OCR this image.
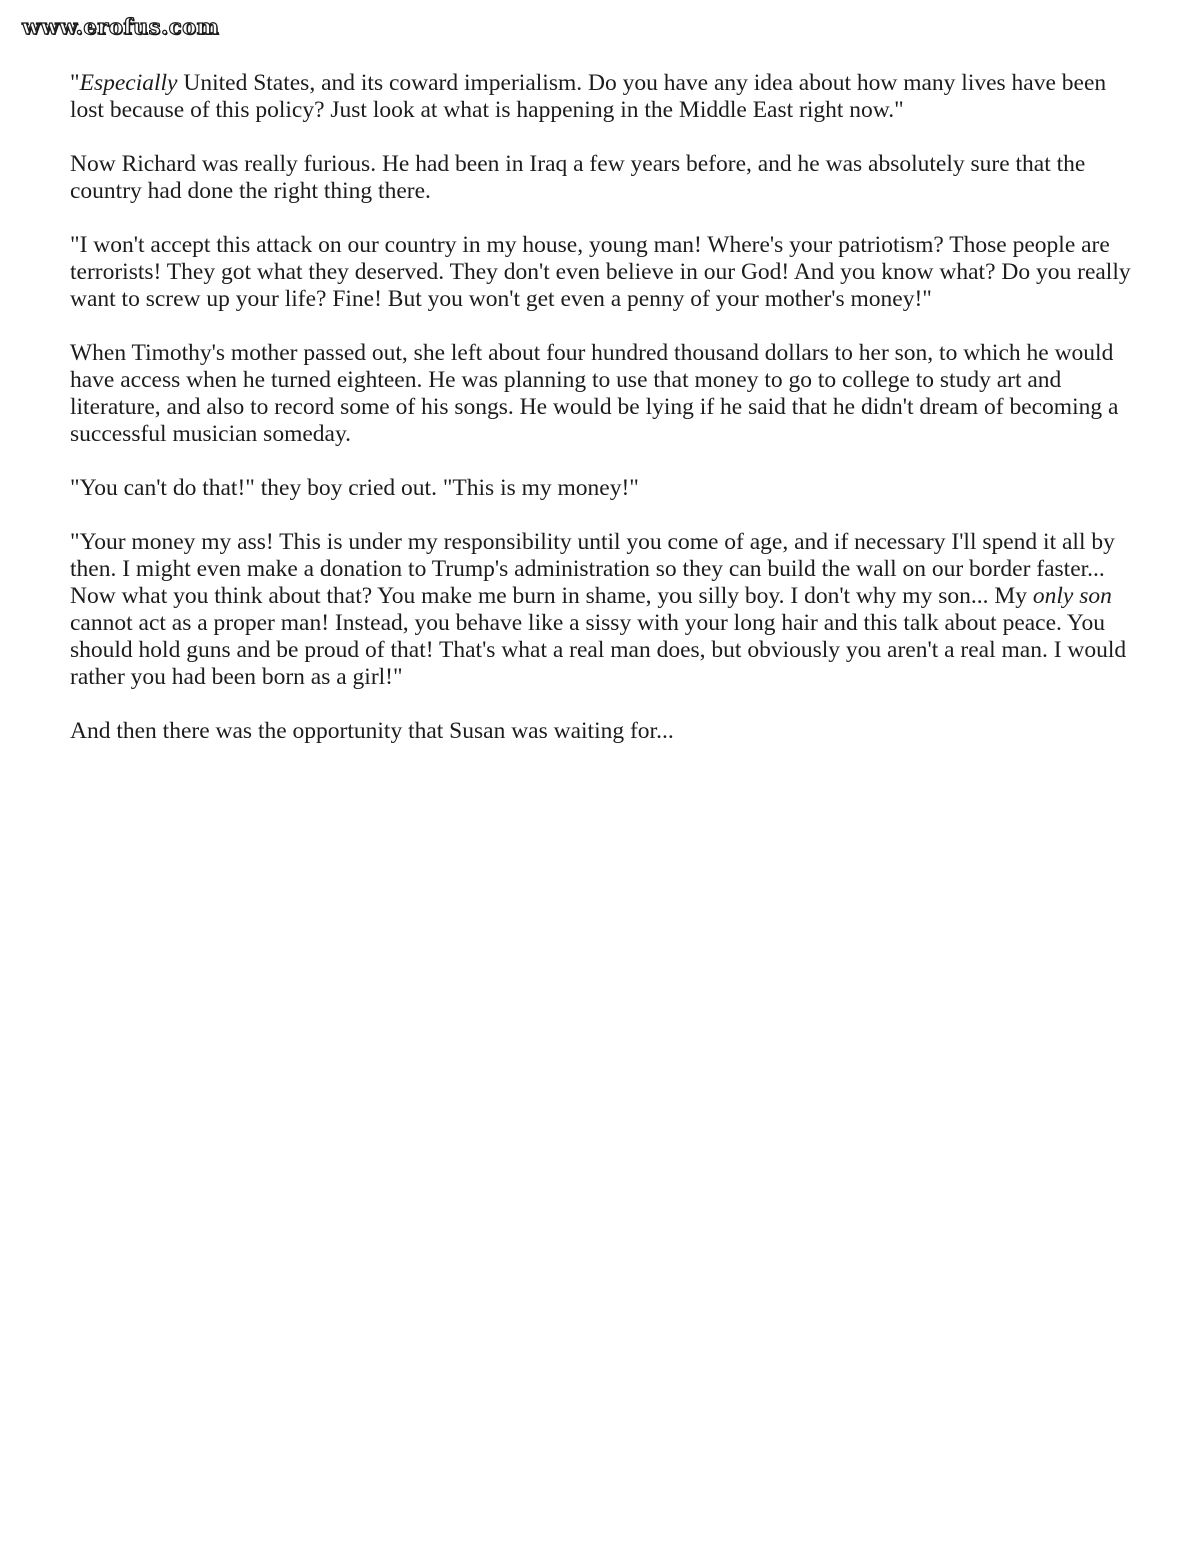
www.erofus.com

"Especially United States, and its coward imperialism. Do you have any idea about how many lives have been lost because of this policy? Just look at what is happening in the Middle East right now."

Now Richard was really furious. He had been in Iraq a few years before, and he was absolutely sure that the country had done the right thing there.

"I won't accept this attack on our country in my house, young man! Where's your patriotism? Those people are terrorists! They got what they deserved. They don't even believe in our God! And you know what? Do you really want to screw up your life? Fine! But you won't get even a penny of your mother's money!"

When Timothy's mother passed out, she left about four hundred thousand dollars to her son, to which he would have access when he turned eighteen. He was planning to use that money to go to college to study art and literature, and also to record some of his songs. He would be lying if he said that he didn't dream of becoming a successful musician someday.

"You can't do that!" they boy cried out. "This is my money!"

"Your money my ass! This is under my responsibility until you come of age, and if necessary I'll spend it all by then. I might even make a donation to Trump's administration so they can build the wall on our border faster... Now what you think about that? You make me burn in shame, you silly boy. I don't why my son... My only son cannot act as a proper man! Instead, you behave like a sissy with your long hair and this talk about peace. You should hold guns and be proud of that! That's what a real man does, but obviously you aren't a real man. I would rather you had been born as a girl!"

And then there was the opportunity that Susan was waiting for...
